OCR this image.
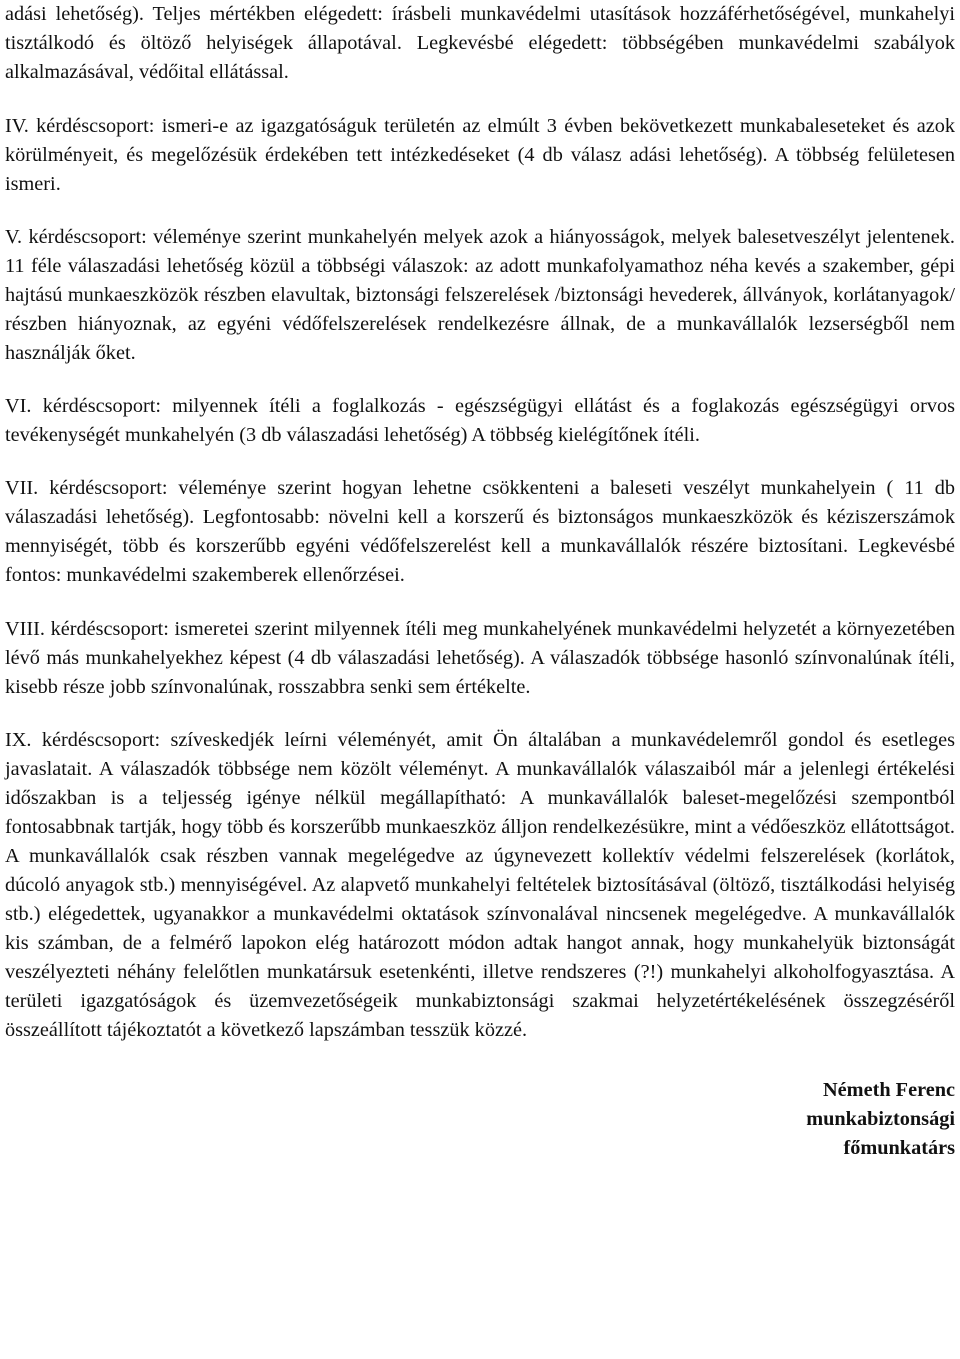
adási lehetőség). Teljes mértékben elégedett: írásbeli munkavédelmi utasítások hozzáférhetőségével, munkahelyi tisztálkodó és öltöző helyiségek állapotával. Legkevésbé elégedett: többségében munkavédelmi szabályok alkalmazásával, védőital ellátással.

IV. kérdéscsoport: ismeri-e az igazgatóságuk területén az elmúlt 3 évben bekövetkezett munkabaleseteket és azok körülményeit, és megelőzésük érdekében tett intézkedéseket (4 db válasz adási lehetőség). A többség felületesen ismeri.

V. kérdéscsoport: véleménye szerint munkahelyén melyek azok a hiányosságok, melyek balesetveszélyt jelentenek. 11 féle válaszadási lehetőség közül a többségi válaszok: az adott munkafolyamathoz néha kevés a szakember, gépi hajtású munkaeszközök részben elavultak, biztonsági felszerelések /biztonsági hevederek, állványok, korlátanyagok/ részben hiányoznak, az egyéni védőfelszerelések rendelkezésre állnak, de a munkavállalók lezserségből nem használják őket.

VI. kérdéscsoport: milyennek ítéli a foglalkozás - egészségügyi ellátást és a foglakozás egészségügyi orvos tevékenységét munkahelyén (3 db válaszadási lehetőség) A többség kielégítőnek ítéli.

VII. kérdéscsoport: véleménye szerint hogyan lehetne csökkenteni a baleseti veszélyt munkahelyein ( 11 db válaszadási lehetőség). Legfontosabb: növelni kell a korszerű és biztonságos munkaeszközök és kéziszerszámok mennyiségét, több és korszerűbb egyéni védőfelszerelést kell a munkavállalók részére biztosítani. Legkevésbé fontos: munkavédelmi szakemberek ellenőrzései.

VIII. kérdéscsoport: ismeretei szerint milyennek ítéli meg munkahelyének munkavédelmi helyzetét a környezetében lévő más munkahelyekhez képest (4 db válaszadási lehetőség). A válaszadók többsége hasonló színvonalúnak ítéli, kisebb része jobb színvonalúnak, rosszabbra senki sem értékelte.

IX. kérdéscsoport: szíveskedjék leírni véleményét, amit Ön általában a munkavédelemről gondol és esetleges javaslatait. A válaszadók többsége nem közölt véleményt. A munkavállalók válaszaiból már a jelenlegi értékelési időszakban is a teljesség igénye nélkül megállapítható: A munkavállalók baleset-megelőzési szempontból fontosabbnak tartják, hogy több és korszerűbb munkaeszköz álljon rendelkezésükre, mint a védőeszköz ellátottságot. A munkavállalók csak részben vannak megelégedve az úgynevezett kollektív védelmi felszerelések (korlátok, dúcoló anyagok stb.) mennyiségével. Az alapvető munkahelyi feltételek biztosításával (öltöző, tisztálkodási helyiség stb.) elégedettek, ugyanakkor a munkavédelmi oktatások színvonalával nincsenek megelégedve. A munkavállalók kis számban, de a felmérő lapokon elég határozott módon adtak hangot annak, hogy munkahelyük biztonságát veszélyezteti néhány felelőtlen munkatársuk esetenkénti, illetve rendszeres (?!) munkahelyi alkoholfogyasztása. A területi igazgatóságok és üzemvezetőségeik munkabiztonsági szakmai helyzetértékelésének összegzéséről összeállított tájékoztatót a következő lapszámban tesszük közzé.

Németh Ferenc
munkabiztonsági
főmunkatárs
